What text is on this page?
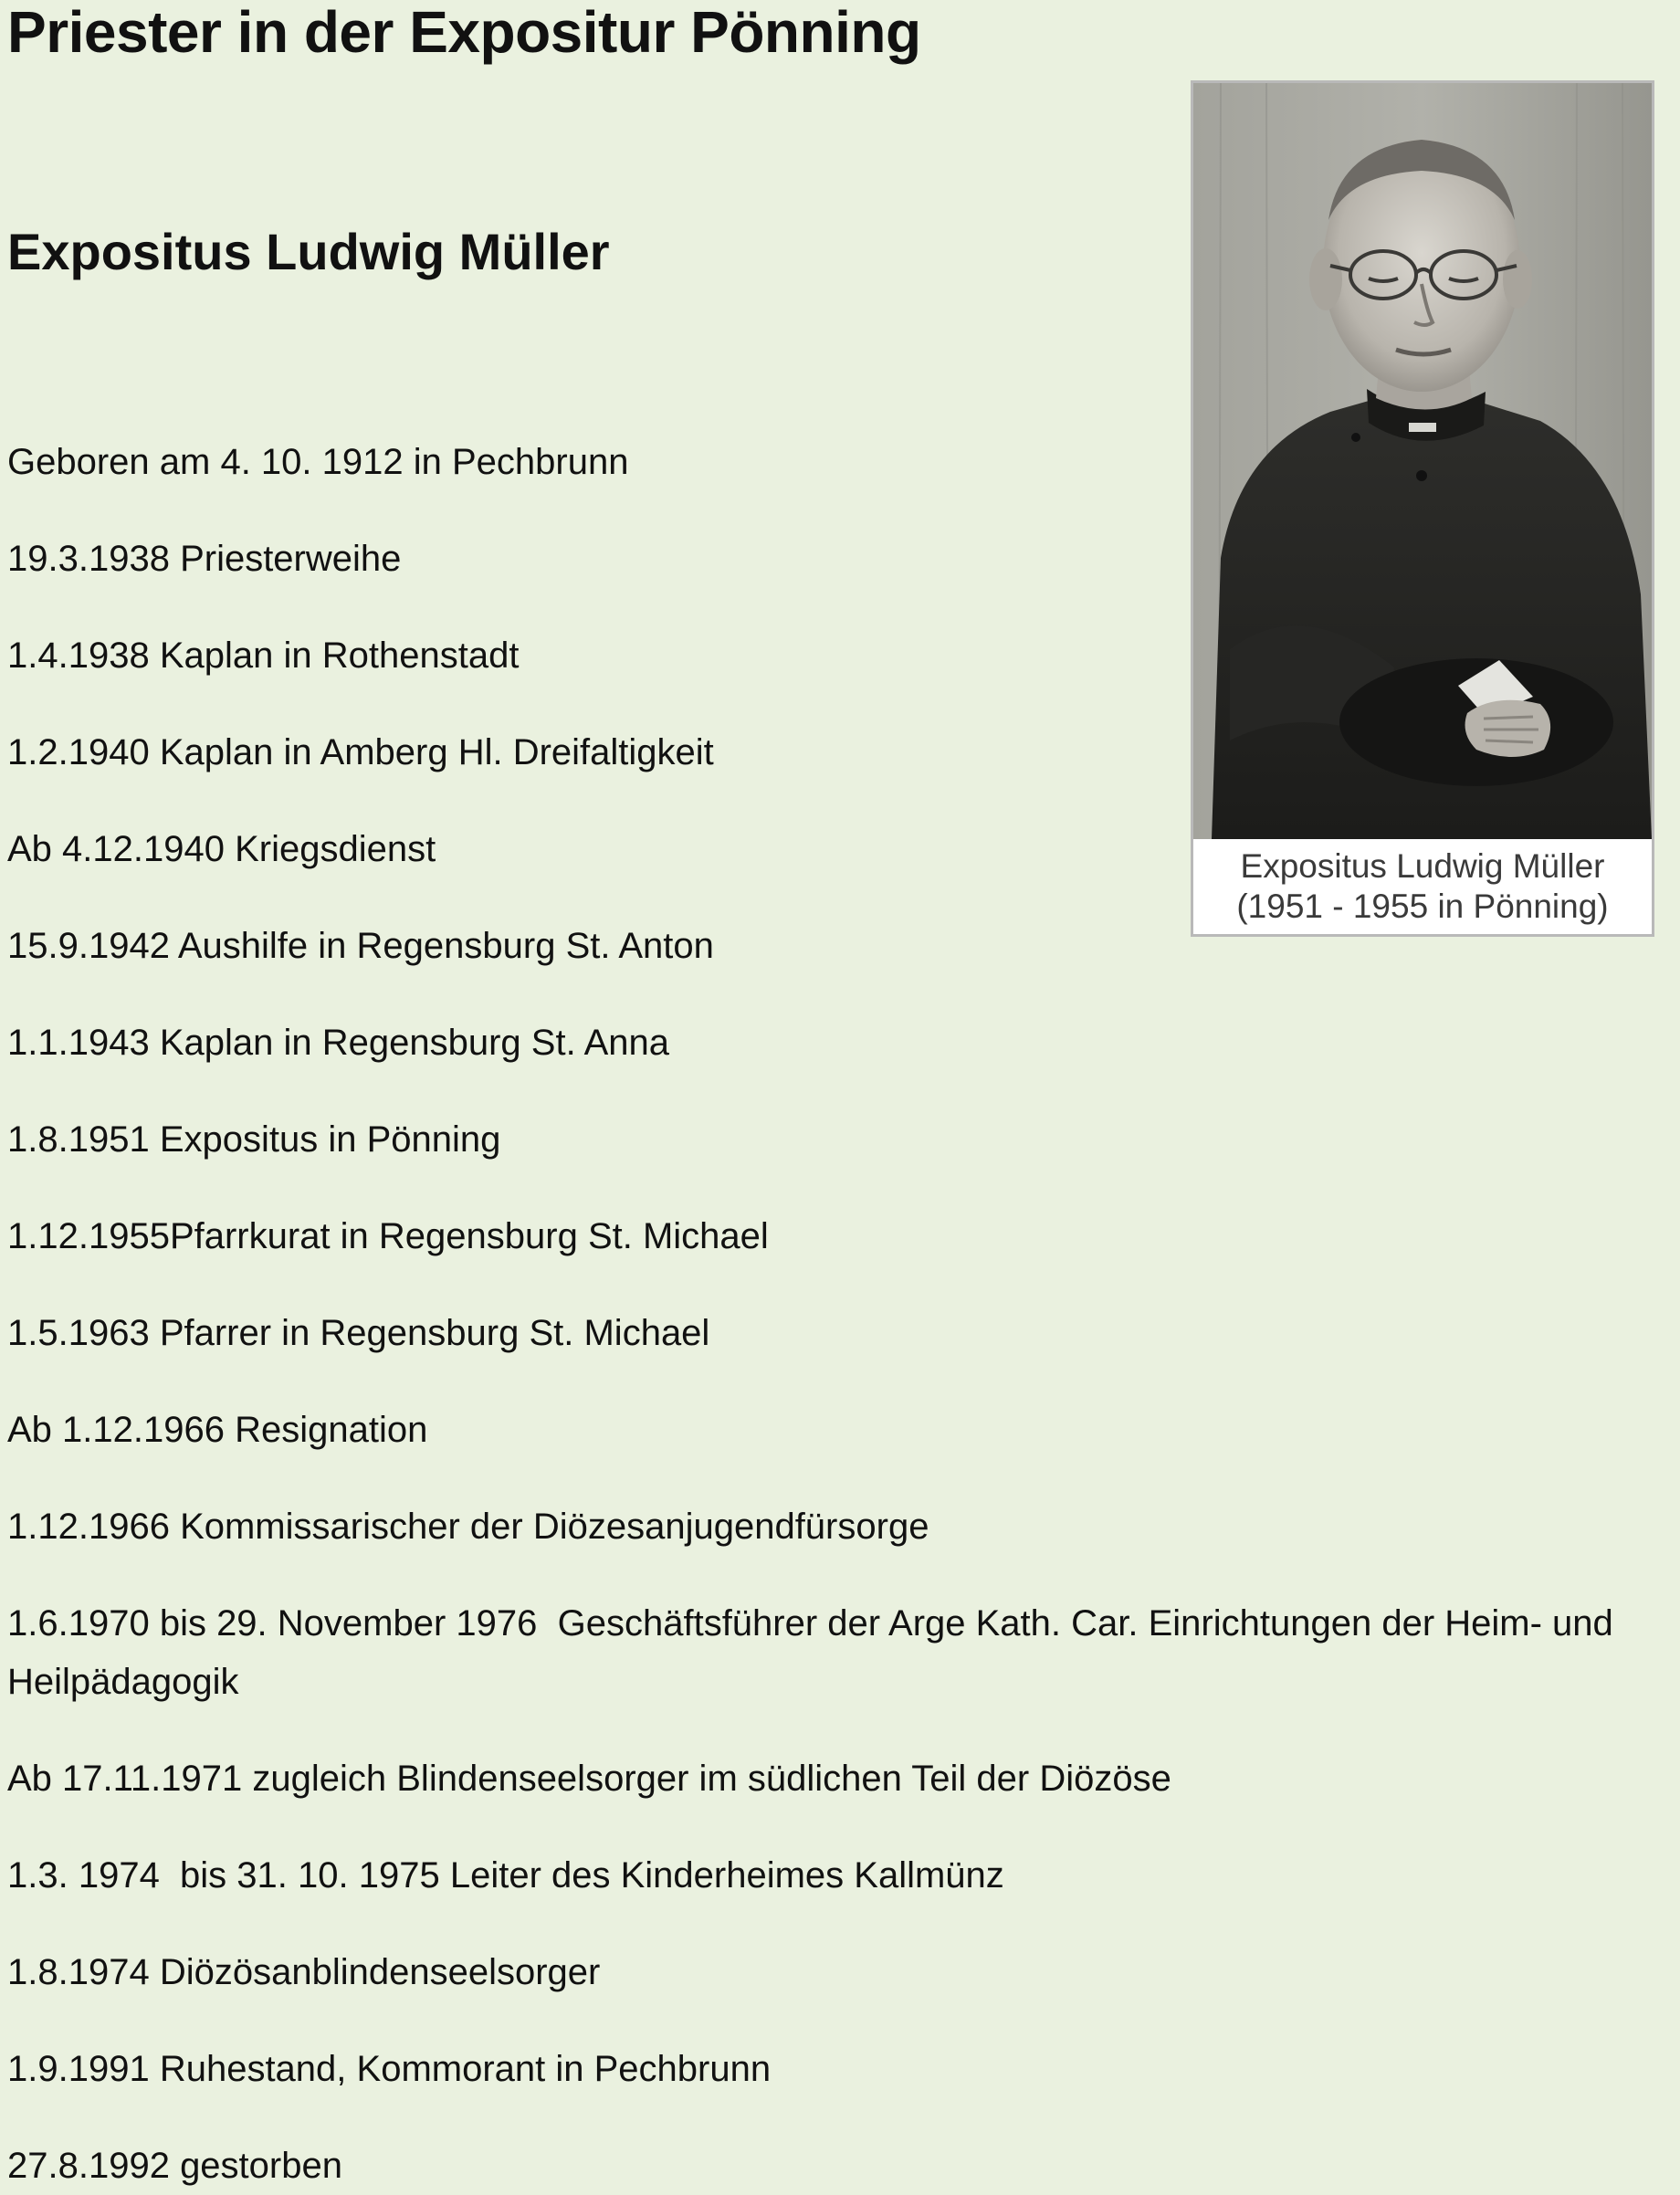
Priester in der Expositur Pönning
Expositus Ludwig Müller
Expositus Ludwig Müller
(1951 - 1955 in Pönning)
Geboren am 4. 10. 1912 in Pechbrunn
19.3.1938 Priesterweihe
1.4.1938 Kaplan in Rothenstadt
1.2.1940 Kaplan in Amberg Hl. Dreifaltigkeit
Ab 4.12.1940 Kriegsdienst
15.9.1942 Aushilfe in Regensburg St. Anton
1.1.1943 Kaplan in Regensburg St. Anna
1.8.1951 Expositus in Pönning
1.12.1955Pfarrkurat in Regensburg St. Michael
1.5.1963 Pfarrer in Regensburg St. Michael
Ab 1.12.1966 Resignation
1.12.1966 Kommissarischer der Diözesanjugendfürsorge
1.6.1970 bis 29. November 1976  Geschäftsführer der Arge Kath. Car. Einrichtungen der Heim- und Heilpädagogik
Ab 17.11.1971 zugleich Blindenseelsorger im südlichen Teil der Diözöse
1.3. 1974  bis 31. 10. 1975 Leiter des Kinderheimes Kallmünz
1.8.1974 Diözösanblindenseelsorger
1.9.1991 Ruhestand, Kommorant in Pechbrunn
27.8.1992 gestorben
